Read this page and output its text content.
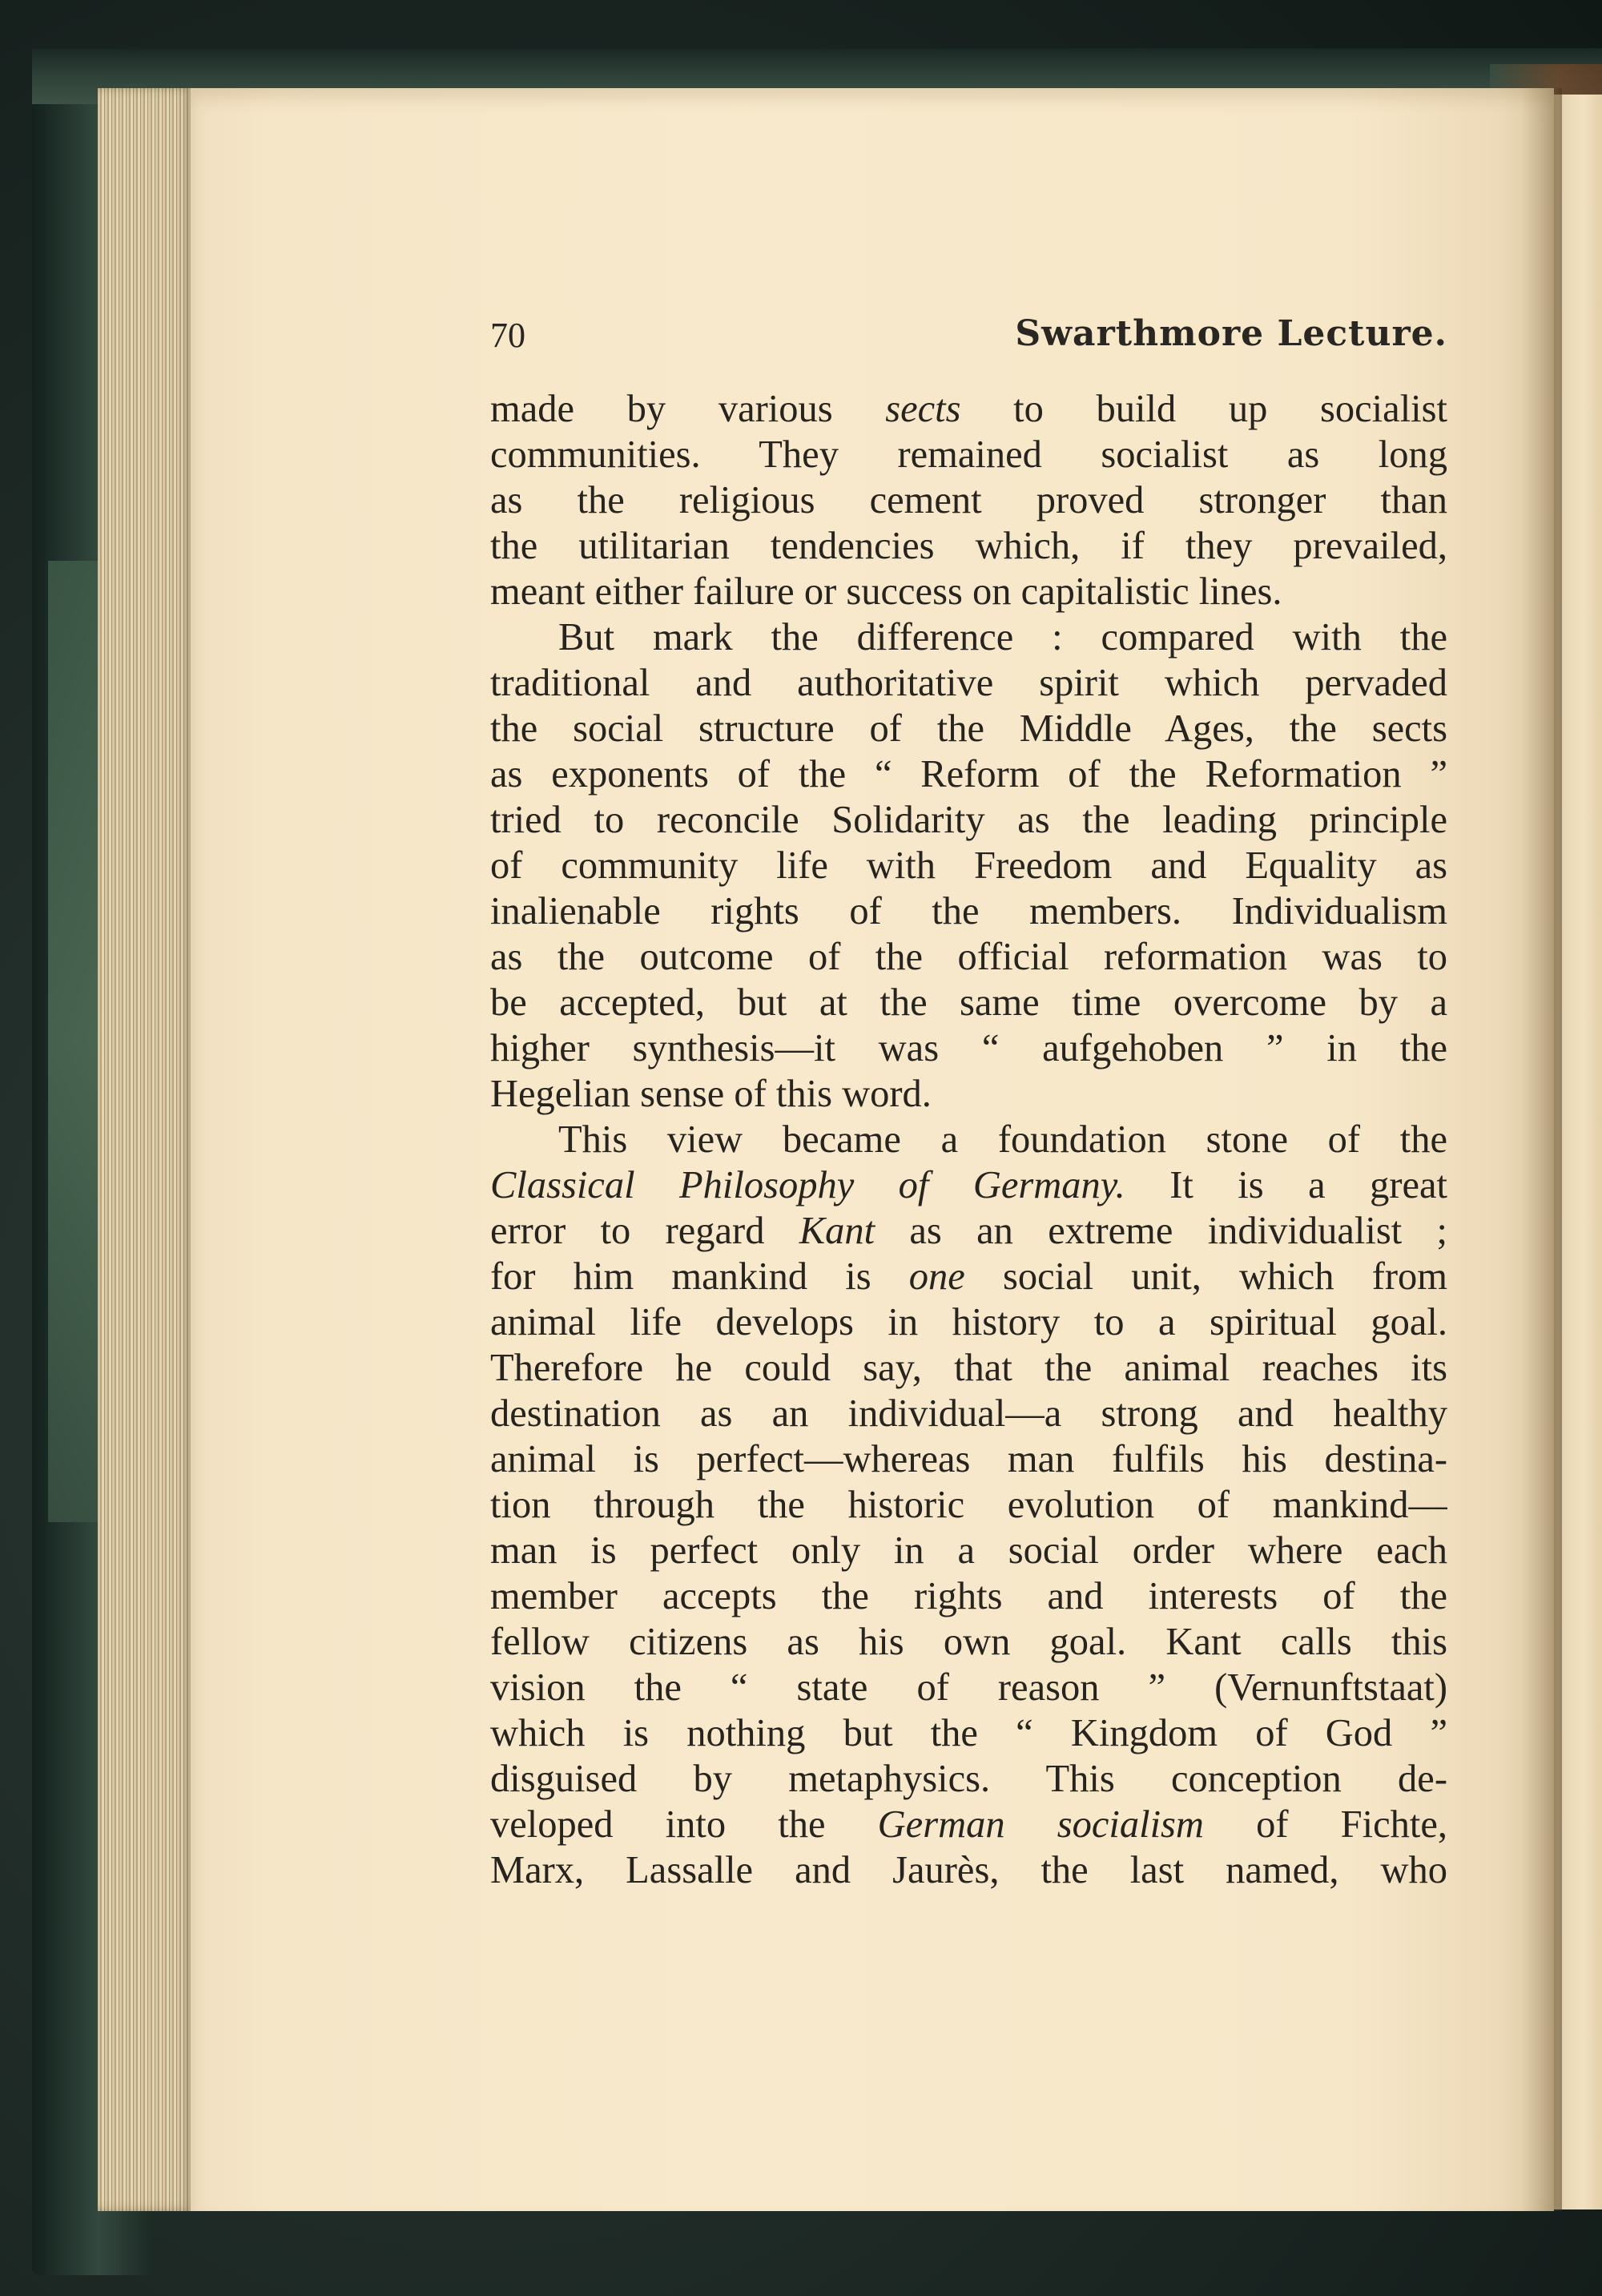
70	Swarthmore Lecture.
made by various sects to build up socialist
communities. They remained socialist as long
as the religious cement proved stronger than
the utilitarian tendencies which, if they prevailed,
meant either failure or success on capitalistic lines.
But mark the difference : compared with the
traditional and authoritative spirit which pervaded
the social structure of the Middle Ages, the sects
as exponents of the “ Reform of the Reformation ”
tried to reconcile Solidarity as the leading principle
of community life with Freedom and Equality as
inalienable rights of the members. Individualism
as the outcome of the official reformation was to
be accepted, but at the same time overcome by a
higher synthesis—it was “ aufgehoben ” in the
Hegelian sense of this word.
This view became a foundation stone of the
Classical Philosophy of Germany. It is a great
error to regard Kant as an extreme individualist ;
for him mankind is one social unit, which from
animal life develops in history to a spiritual goal.
Therefore he could say, that the animal reaches its
destination as an individual—a strong and healthy
animal is perfect—whereas man fulfils his destina-
tion through the historic evolution of mankind—
man is perfect only in a social order where each
member accepts the rights and interests of the
fellow citizens as his own goal. Kant calls this
vision the “ state of reason ” (Vernunftstaat)
which is nothing but the “ Kingdom of God ”
disguised by metaphysics. This conception de-
veloped into the German socialism of Fichte,
Marx, Lassalle and Jaurès, the last named, who
